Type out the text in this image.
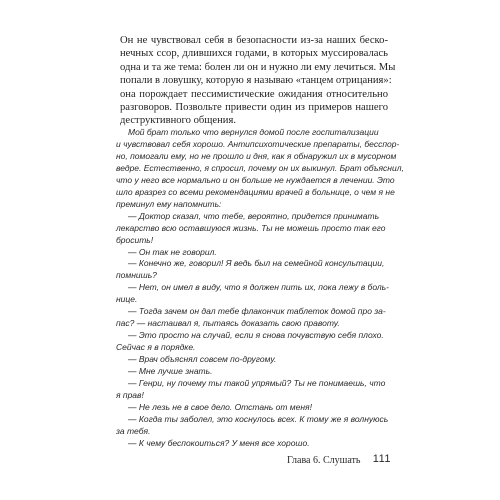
Он не чувствовал себя в безопасности из-за наших беско-
нечных ссор, длившихся годами, в которых муссировалась
одна и та же тема: болен ли он и нужно ли ему лечиться. Мы
попали в ловушку, которую я называю «танцем отрицания»:
она порождает пессимистические ожидания относительно
разговоров. Позвольте привести один из примеров нашего
деструктивного общения.
Мой брат только что вернулся домой после госпитализации
и чувствовал себя хорошо. Антипсихотические препараты, бесспор-
но, помогали ему, но не прошло и дня, как я обнаружил их в мусорном
ведре. Естественно, я спросил, почему он их выкинул. Брат объяснил,
что у него все нормально и он больше не нуждается в лечении. Это
шло вразрез со всеми рекомендациями врачей в больнице, о чем я не
преминул ему напомнить:
— Доктор сказал, что тебе, вероятно, придется принимать
лекарство всю оставшуюся жизнь. Ты не можешь просто так его
бросить!
— Он так не говорил.
— Конечно же, говорил! Я ведь был на семейной консультации,
помнишь?
— Нет, он имел в виду, что я должен пить их, пока лежу в боль-
нице.
— Тогда зачем он дал тебе флакончик таблеток домой про за-
пас? — настаивал я, пытаясь доказать свою правоту.
— Это просто на случай, если я снова почувствую себя плохо.
Сейчас я в порядке.
— Врач объяснял совсем по-другому.
— Мне лучше знать.
— Генри, ну почему ты такой упрямый? Ты не понимаешь, что
я прав!
— Не лезь не в свое дело. Отстань от меня!
— Когда ты заболел, это коснулось всех. К тому же я волнуюсь
за тебя.
— К чему беспокоиться? У меня все хорошо.
Глава 6. Слушать 111
